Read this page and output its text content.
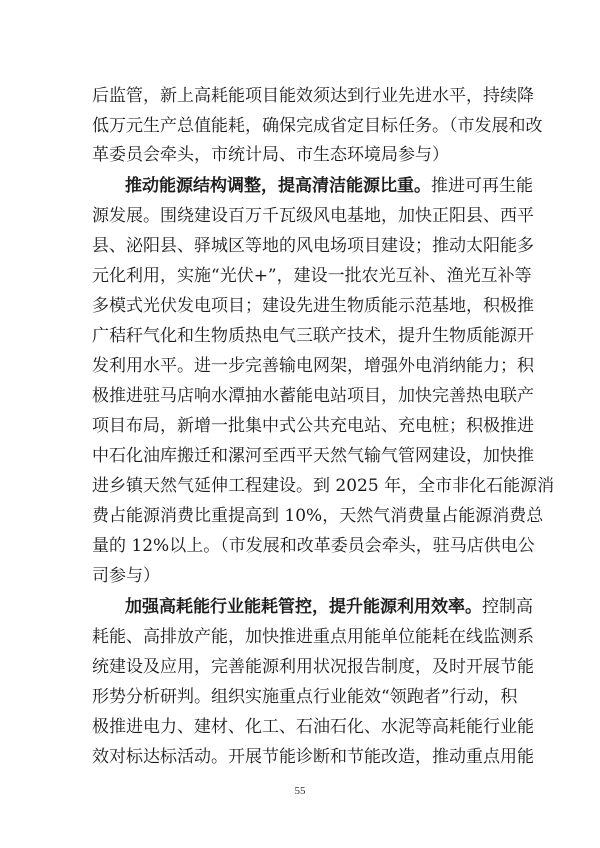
后监管，新上高耗能项目能效须达到行业先进水平，持续降
低万元生产总值能耗，确保完成省定目标任务。（市发展和改
革委员会牵头，市统计局、市生态环境局参与）
推动能源结构调整，提高清洁能源比重。推进可再生能
源发展。围绕建设百万千瓦级风电基地，加快正阳县、西平
县、泌阳县、驿城区等地的风电场项目建设；推动太阳能多
元化利用，实施“光伏+”，建设一批农光互补、渔光互补等
多模式光伏发电项目；建设先进生物质能示范基地，积极推
广秸秆气化和生物质热电气三联产技术，提升生物质能源开
发利用水平。进一步完善输电网架，增强外电消纳能力；积
极推进驻马店响水潭抽水蓄能电站项目，加快完善热电联产
项目布局，新增一批集中式公共充电站、充电桩；积极推进
中石化油库搬迁和漯河至西平天然气输气管网建设，加快推
进乡镇天然气延伸工程建设。到 2025 年，全市非化石能源消
费占能源消费比重提高到 10%，天然气消费量占能源消费总
量的 12%以上。（市发展和改革委员会牵头，驻马店供电公
司参与）
加强高耗能行业能耗管控，提升能源利用效率。控制高
耗能、高排放产能，加快推进重点用能单位能耗在线监测系
统建设及应用，完善能源利用状况报告制度，及时开展节能
形势分析研判。组织实施重点行业能效“领跑者”行动，积
极推进电力、建材、化工、石油石化、水泥等高耗能行业能
效对标达标活动。开展节能诊断和节能改造，推动重点用能
55
